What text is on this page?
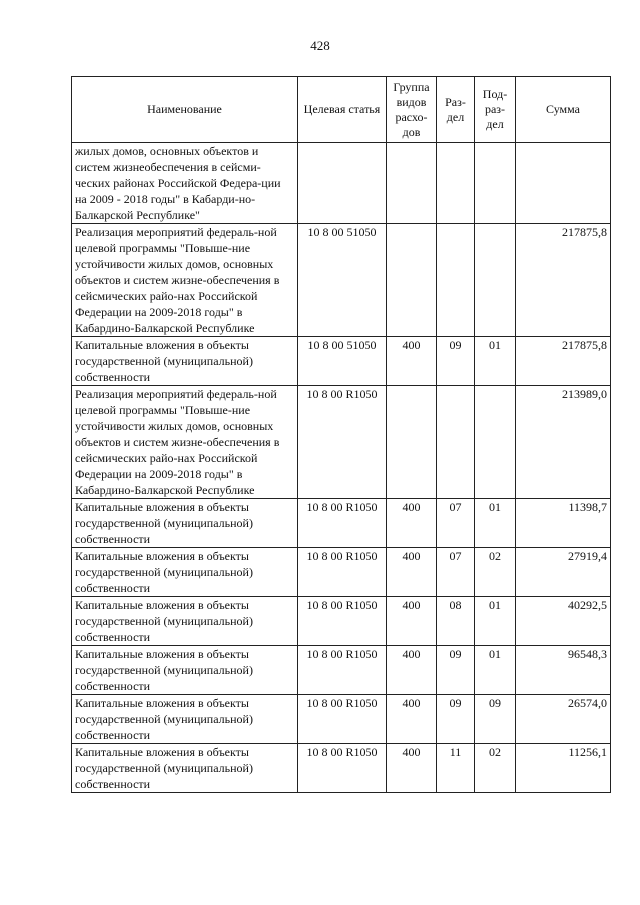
428
Наименование	Целевая статья	Группа видов расхо-дов	Раз-дел	Под-раз-дел	Сумма
жилых домов, основных объектов и систем жизнеобеспечения в сейсми-ческих районах Российской Федера-ции на 2009 - 2018 годы" в Кабарди-но-Балкарской Республике"					
Реализация мероприятий федераль-ной целевой программы "Повыше-ние устойчивости жилых домов, основных объектов и систем жизне-обеспечения в сейсмических райо-нах Российской Федерации на 2009-2018 годы" в Кабардино-Балкарской Республике	10 8 00 51050				217875,8
Капитальные вложения в объекты государственной (муниципальной) собственности	10 8 00 51050	400	09	01	217875,8
Реализация мероприятий федераль-ной целевой программы "Повыше-ние устойчивости жилых домов, основных объектов и систем жизне-обеспечения в сейсмических райо-нах Российской Федерации на 2009-2018 годы" в Кабардино-Балкарской Республике	10 8 00 R1050				213989,0
Капитальные вложения в объекты государственной (муниципальной) собственности	10 8 00 R1050	400	07	01	11398,7
Капитальные вложения в объекты государственной (муниципальной) собственности	10 8 00 R1050	400	07	02	27919,4
Капитальные вложения в объекты государственной (муниципальной) собственности	10 8 00 R1050	400	08	01	40292,5
Капитальные вложения в объекты государственной (муниципальной) собственности	10 8 00 R1050	400	09	01	96548,3
Капитальные вложения в объекты государственной (муниципальной) собственности	10 8 00 R1050	400	09	09	26574,0
Капитальные вложения в объекты государственной (муниципальной) собственности	10 8 00 R1050	400	11	02	11256,1
